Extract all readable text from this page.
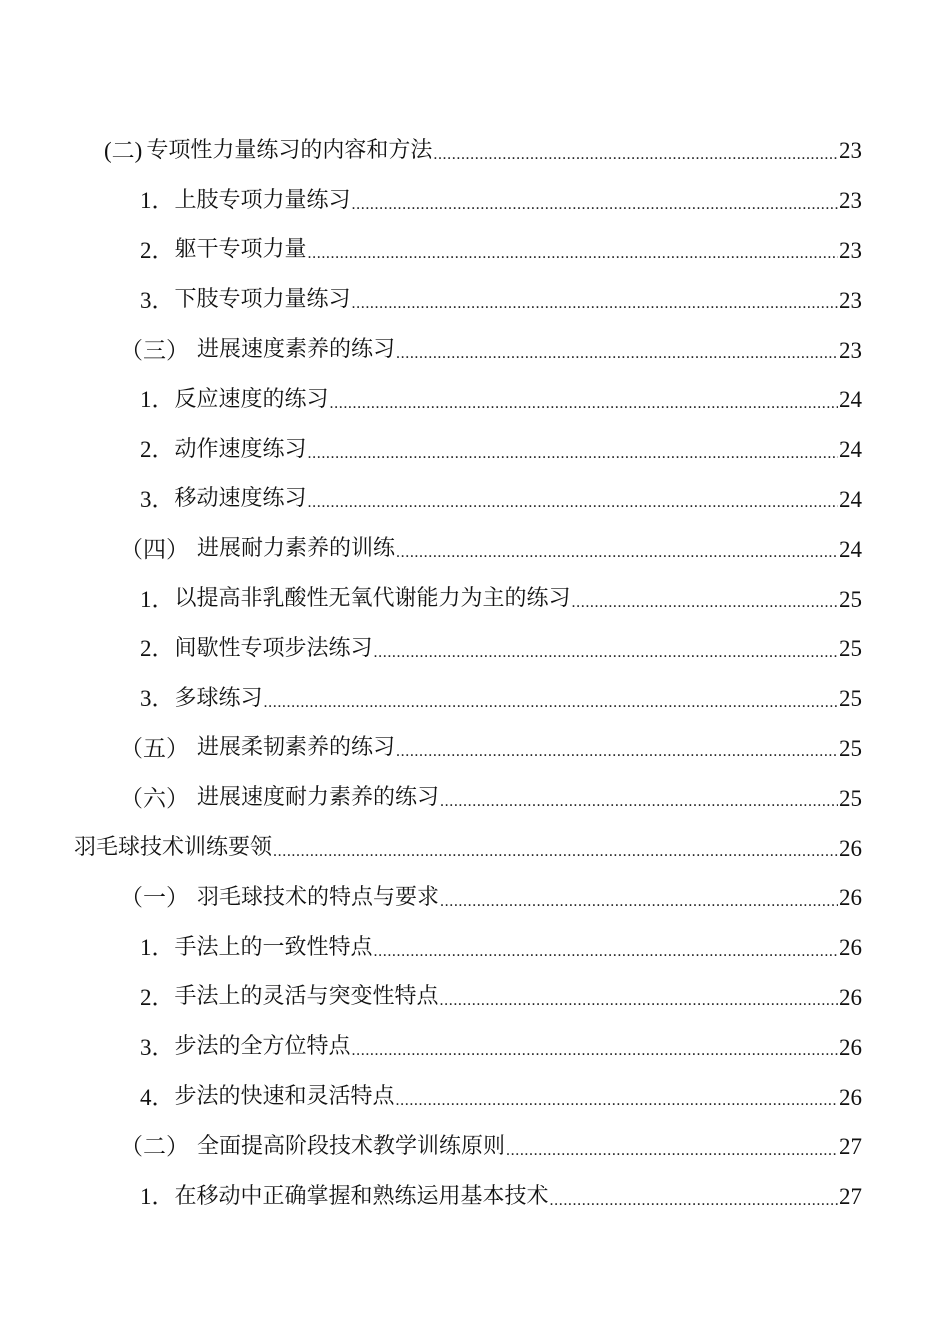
(二) 专项性力量练习的内容和方法 .....	23
1． 上肢专项力量练习 .....	23
2． 躯干专项力量 .....	23
3． 下肢专项力量练习 .....	23
（三） 进展速度素养的练习 .....	23
1． 反应速度的练习 .....	24
2． 动作速度练习 .....	24
3． 移动速度练习 .....	24
（四） 进展耐力素养的训练 .....	24
1． 以提高非乳酸性无氧代谢能力为主的练习 .....	25
2． 间歇性专项步法练习 .....	25
3． 多球练习 .....	25
（五） 进展柔韧素养的练习 .....	25
（六） 进展速度耐力素养的练习 .....	25
羽毛球技术训练要领 .....	26
（一） 羽毛球技术的特点与要求 .....	26
1． 手法上的一致性特点 .....	26
2． 手法上的灵活与突变性特点 .....	26
3． 步法的全方位特点 .....	26
4． 步法的快速和灵活特点 .....	26
（二） 全面提高阶段技术教学训练原则 .....	27
1． 在移动中正确掌握和熟练运用基本技术 .....	27
